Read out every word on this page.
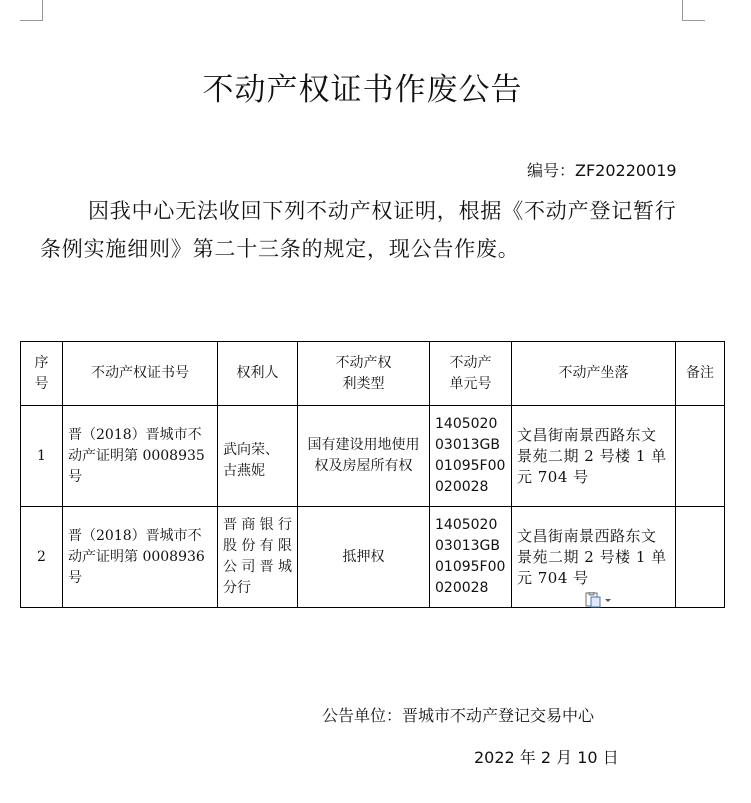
不动产权证书作废公告
编号：ZF20220019

因我中心无法收回下列不动产权证明，根据《不动产登记暂行条例实施细则》第二十三条的规定，现公告作废。

序号	不动产权证书号	权利人	不动产权利类型	不动产单元号	不动产坐落	备注
1	晋（2018）晋城市不动产证明第 0008935 号	武向荣、古燕妮	国有建设用地使用权及房屋所有权	140502003013GB01095F00020028	文昌街南景西路东文景苑二期 2 号楼 1 单元 704 号	
2	晋（2018）晋城市不动产证明第 0008936 号	晋商银行股份有限公司晋城分行	抵押权	140502003013GB01095F00020028	文昌街南景西路东文景苑二期 2 号楼 1 单元 704 号	
公告单位：晋城市不动产登记交易中心
2022 年 2 月 10 日
